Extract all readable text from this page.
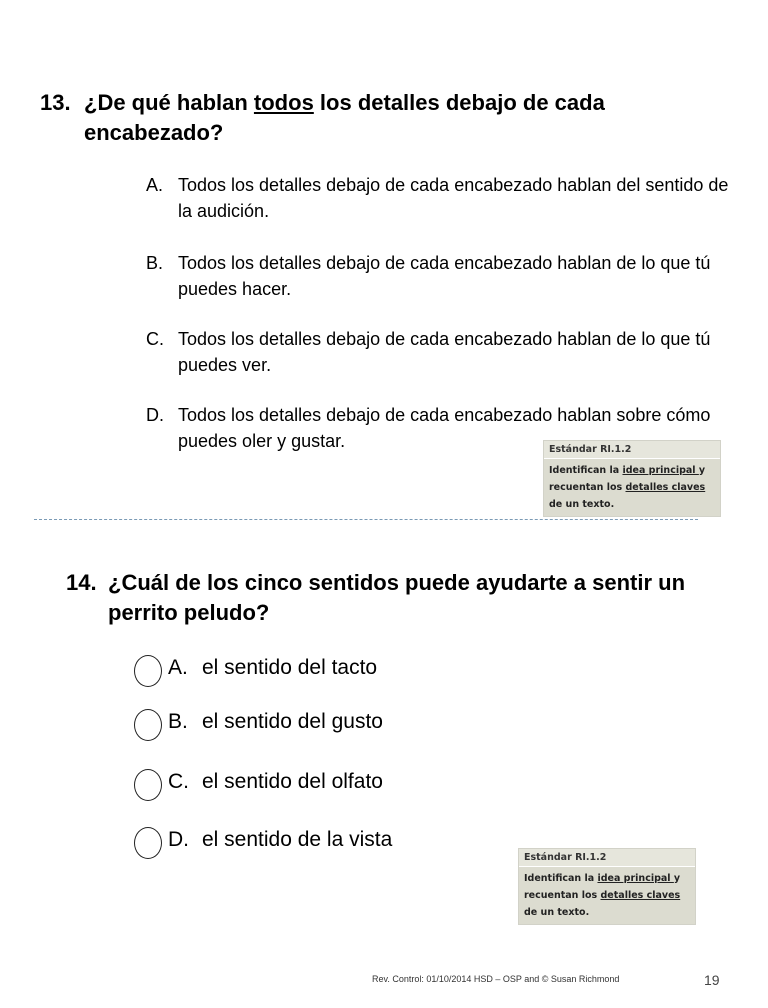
13. ¿De qué hablan todos los detalles debajo de cada encabezado?
A. Todos los detalles debajo de cada encabezado hablan del sentido de la audición.
B. Todos los detalles debajo de cada encabezado hablan de lo que tú puedes hacer.
C. Todos los detalles debajo de cada encabezado hablan de lo que tú puedes ver.
D. Todos los detalles debajo de cada encabezado hablan sobre cómo puedes oler y gustar.	Estándar RI.1.2
Identifican la idea principal y recuentan los detalles claves de un texto.
14. ¿Cuál de los cinco sentidos puede ayudarte a sentir un perrito peludo?
A. el sentido del tacto
B. el sentido del gusto
C. el sentido del olfato
D. el sentido de la vista
Estándar RI.1.2
Identifican la idea principal y recuentan los detalles claves de un texto.
Rev. Control: 01/10/2014 HSD – OSP and © Susan Richmond	19
